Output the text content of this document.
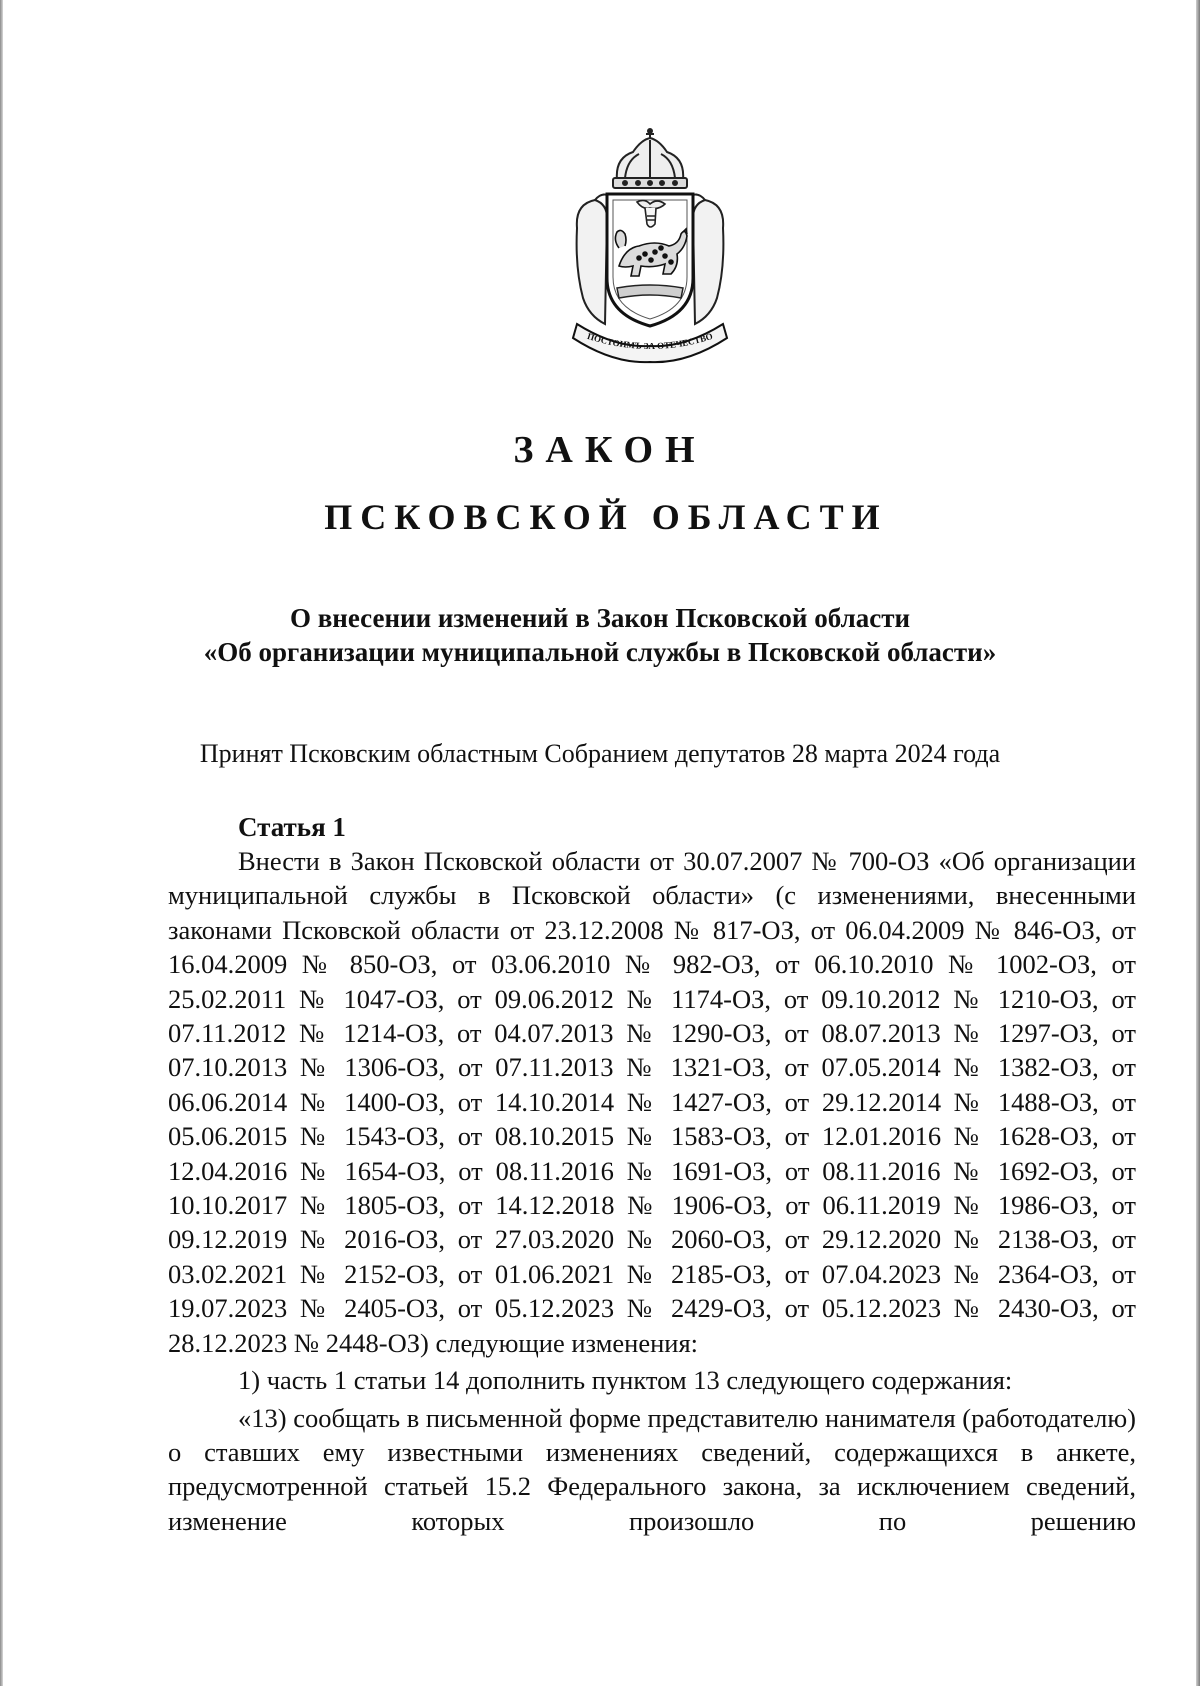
ПОСТОИМЪ ЗА ОТЕЧЕСТВО
ЗАКОН
ПСКОВСКОЙ ОБЛАСТИ
О внесении изменений в Закон Псковской области
«Об организации муниципальной службы в Псковской области»
Принят Псковским областным Собранием депутатов 28 марта 2024 года
Статья 1

Внести в Закон Псковской области от 30.07.2007 № 700-ОЗ «Об организации муниципальной службы в Псковской области» (с изменениями, внесенными законами Псковской области от 23.12.2008 № 817-ОЗ, от 06.04.2009 № 846-ОЗ, от 16.04.2009 № 850-ОЗ, от 03.06.2010 № 982-ОЗ, от 06.10.2010 № 1002-ОЗ, от 25.02.2011 № 1047-ОЗ, от 09.06.2012 № 1174-ОЗ, от 09.10.2012 № 1210-ОЗ, от 07.11.2012 № 1214-ОЗ, от 04.07.2013 № 1290-ОЗ, от 08.07.2013 № 1297-ОЗ, от 07.10.2013 № 1306-ОЗ, от 07.11.2013 № 1321-ОЗ, от 07.05.2014 № 1382-ОЗ, от 06.06.2014 № 1400-ОЗ, от 14.10.2014 № 1427-ОЗ, от 29.12.2014 № 1488-ОЗ, от 05.06.2015 № 1543-ОЗ, от 08.10.2015 № 1583-ОЗ, от 12.01.2016 № 1628-ОЗ, от 12.04.2016 № 1654-ОЗ, от 08.11.2016 № 1691-ОЗ, от 08.11.2016 № 1692-ОЗ, от 10.10.2017 № 1805-ОЗ, от 14.12.2018 № 1906-ОЗ, от 06.11.2019 № 1986-ОЗ, от 09.12.2019 № 2016-ОЗ, от 27.03.2020 № 2060-ОЗ, от 29.12.2020 № 2138-ОЗ, от 03.02.2021 № 2152-ОЗ, от 01.06.2021 № 2185-ОЗ, от 07.04.2023 № 2364-ОЗ, от 19.07.2023 № 2405-ОЗ, от 05.12.2023 № 2429-ОЗ, от 05.12.2023 № 2430-ОЗ, от 28.12.2023 № 2448-ОЗ) следующие изменения:

1) часть 1 статьи 14 дополнить пунктом 13 следующего содержания:

«13) сообщать в письменной форме представителю нанимателя (работодателю) о ставших ему известными изменениях сведений, содержащихся в анкете, предусмотренной статьей 15.2 Федерального закона, за исключением сведений, изменение которых произошло по решению
